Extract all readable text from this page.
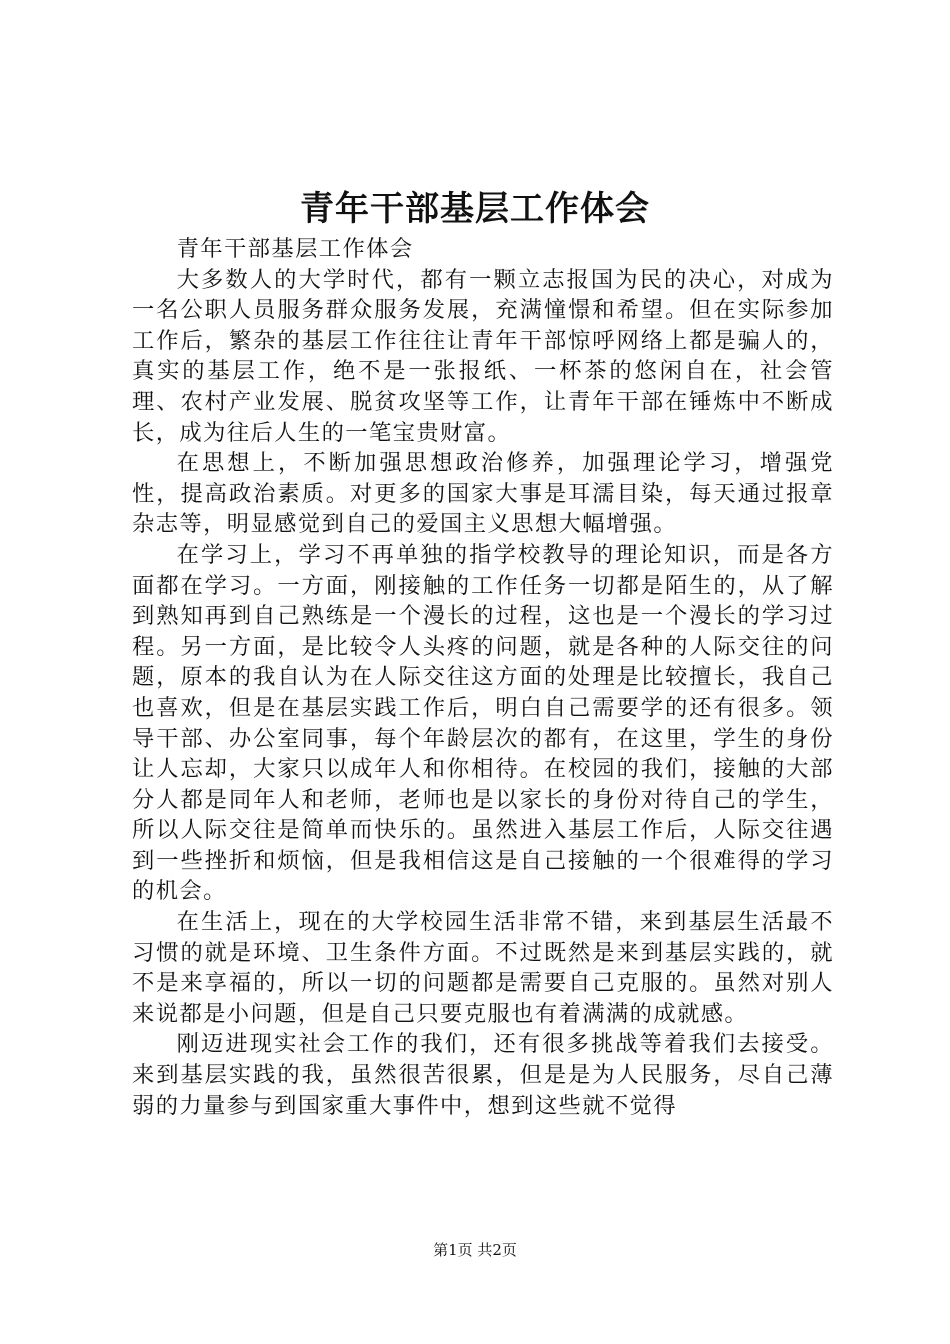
青年干部基层工作体会

青年干部基层工作体会

大多数人的大学时代，都有一颗立志报国为民的决心，对成为一名公职人员服务群众服务发展，充满憧憬和希望。但在实际参加工作后，繁杂的基层工作往往让青年干部惊呼网络上都是骗人的，真实的基层工作，绝不是一张报纸、一杯茶的悠闲自在，社会管理、农村产业发展、脱贫攻坚等工作，让青年干部在锤炼中不断成长，成为往后人生的一笔宝贵财富。

在思想上，不断加强思想政治修养，加强理论学习，增强党性，提高政治素质。对更多的国家大事是耳濡目染，每天通过报章杂志等，明显感觉到自己的爱国主义思想大幅增强。

在学习上，学习不再单独的指学校教导的理论知识，而是各方面都在学习。一方面，刚接触的工作任务一切都是陌生的，从了解到熟知再到自己熟练是一个漫长的过程，这也是一个漫长的学习过程。另一方面，是比较令人头疼的问题，就是各种的人际交往的问题，原本的我自认为在人际交往这方面的处理是比较擅长，我自己也喜欢，但是在基层实践工作后，明白自己需要学的还有很多。领导干部、办公室同事，每个年龄层次的都有，在这里，学生的身份让人忘却，大家只以成年人和你相待。在校园的我们，接触的大部分人都是同年人和老师，老师也是以家长的身份对待自己的学生，所以人际交往是简单而快乐的。虽然进入基层工作后，人际交往遇到一些挫折和烦恼，但是我相信这是自己接触的一个很难得的学习的机会。

在生活上，现在的大学校园生活非常不错，来到基层生活最不习惯的就是环境、卫生条件方面。不过既然是来到基层实践的，就不是来享福的，所以一切的问题都是需要自己克服的。虽然对别人来说都是小问题，但是自己只要克服也有着满满的成就感。

刚迈进现实社会工作的我们，还有很多挑战等着我们去接受。来到基层实践的我，虽然很苦很累，但是是为人民服务，尽自己薄弱的力量参与到国家重大事件中，想到这些就不觉得

第1页 共2页
